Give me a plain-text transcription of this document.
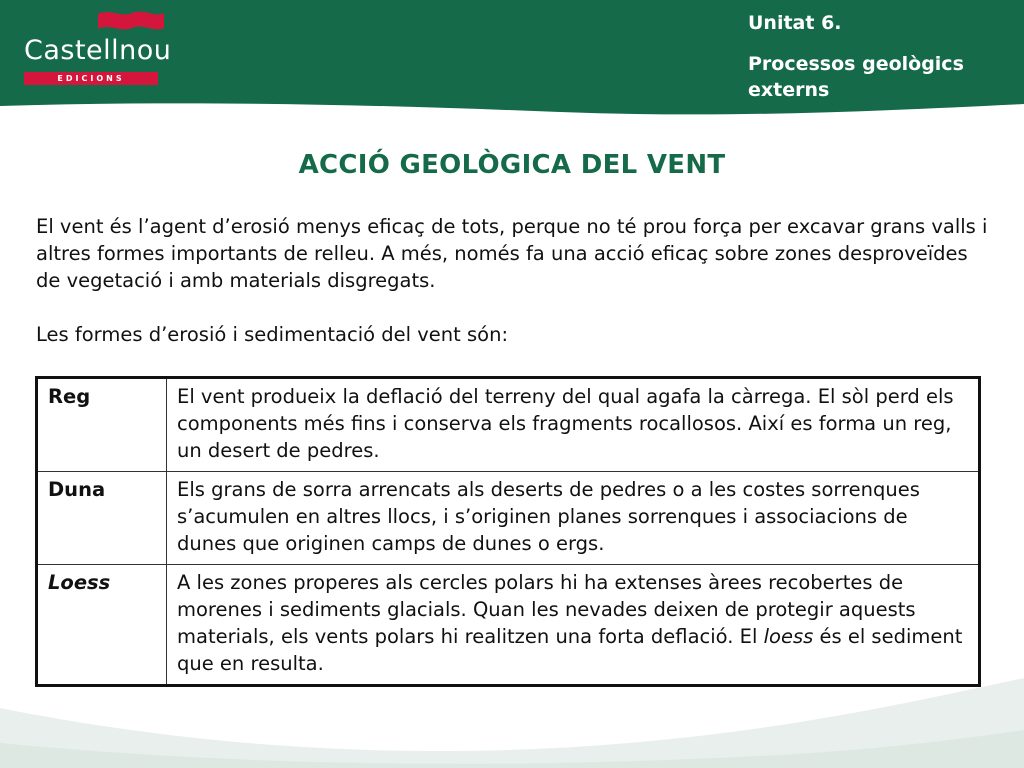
Castellnou
EDICIONS
Unitat 6.
Processos geològics externs
ACCIÓ GEOLÒGICA DEL VENT

El vent és l’agent d’erosió menys eficaç de tots, perque no té prou força per excavar grans valls i altres formes importants de relleu. A més, només fa una acció eficaç sobre zones desproveïdes de vegetació i amb materials disgregats.

Les formes d’erosió i sedimentació del vent són:

Reg	El vent produeix la deflació del terreny del qual agafa la càrrega. El sòl perd els components més fins i conserva els fragments rocallosos. Així es forma un reg, un desert de pedres.
Duna	Els grans de sorra arrencats als deserts de pedres o a les costes sorrenques s’acumulen en altres llocs, i s’originen planes sorrenques i associacions de dunes que originen camps de dunes o ergs.
Loess	A les zones properes als cercles polars hi ha extenses àrees recobertes de morenes i sediments glacials. Quan les nevades deixen de protegir aquests materials, els vents polars hi realitzen una forta deflació. El loess és el sediment que en resulta.
